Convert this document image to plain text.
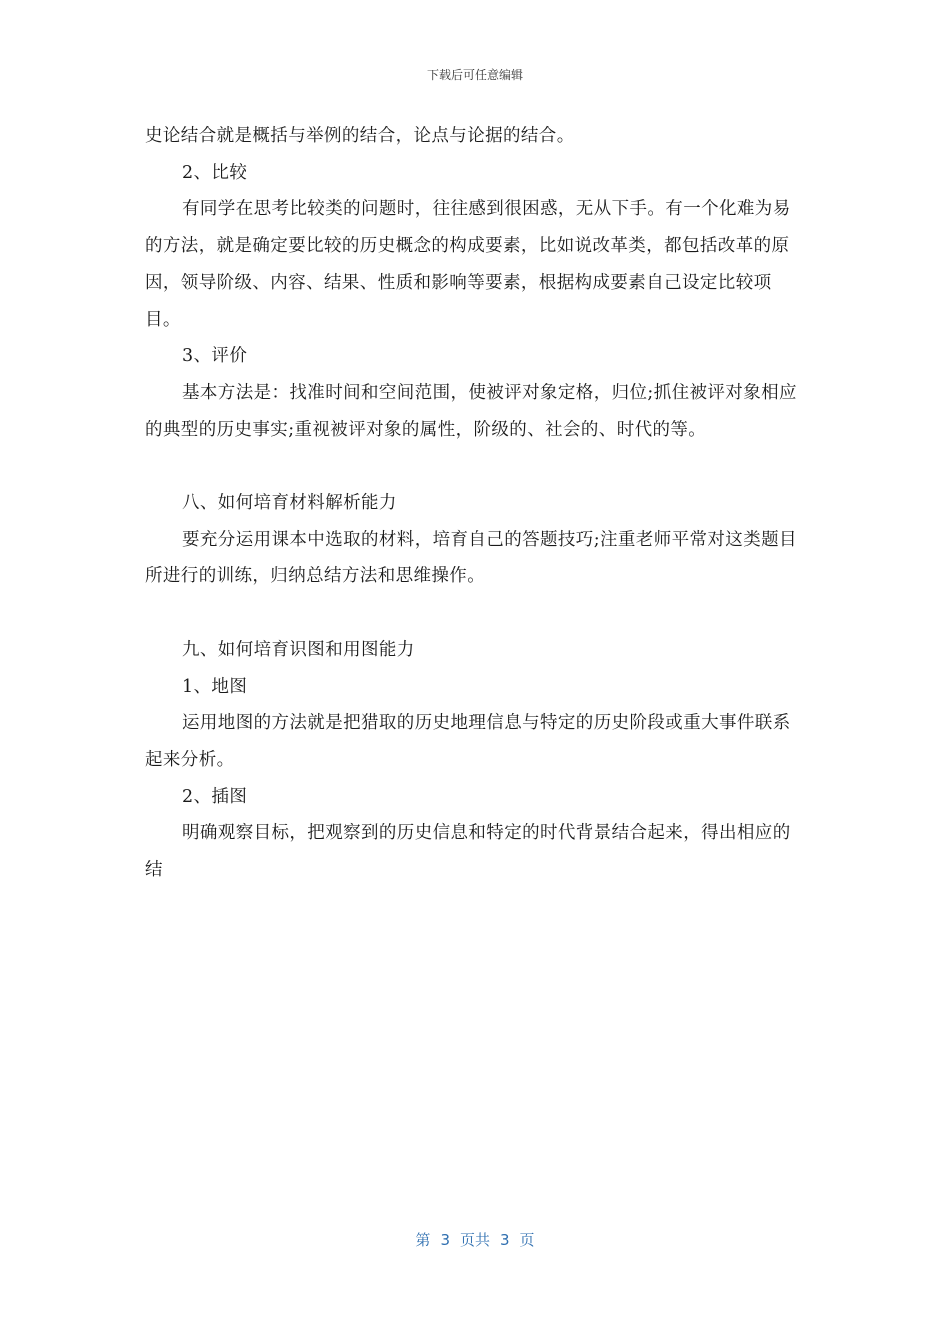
下载后可任意编辑

史论结合就是概括与举例的结合，论点与论据的结合。

2、比较

有同学在思考比较类的问题时，往往感到很困惑，无从下手。有一个化难为易的方法，就是确定要比较的历史概念的构成要素，比如说改革类，都包括改革的原因，领导阶级、内容、结果、性质和影响等要素，根据构成要素自己设定比较项目。

3、评价

基本方法是：找准时间和空间范围，使被评对象定格，归位;抓住被评对象相应的典型的历史事实;重视被评对象的属性，阶级的、社会的、时代的等。

八、如何培育材料解析能力

要充分运用课本中选取的材料，培育自己的答题技巧;注重老师平常对这类题目所进行的训练，归纳总结方法和思维操作。

九、如何培育识图和用图能力

1、地图

运用地图的方法就是把猎取的历史地理信息与特定的历史阶段或重大事件联系起来分析。

2、插图

明确观察目标，把观察到的历史信息和特定的时代背景结合起来，得出相应的结

第 3 页共 3 页
